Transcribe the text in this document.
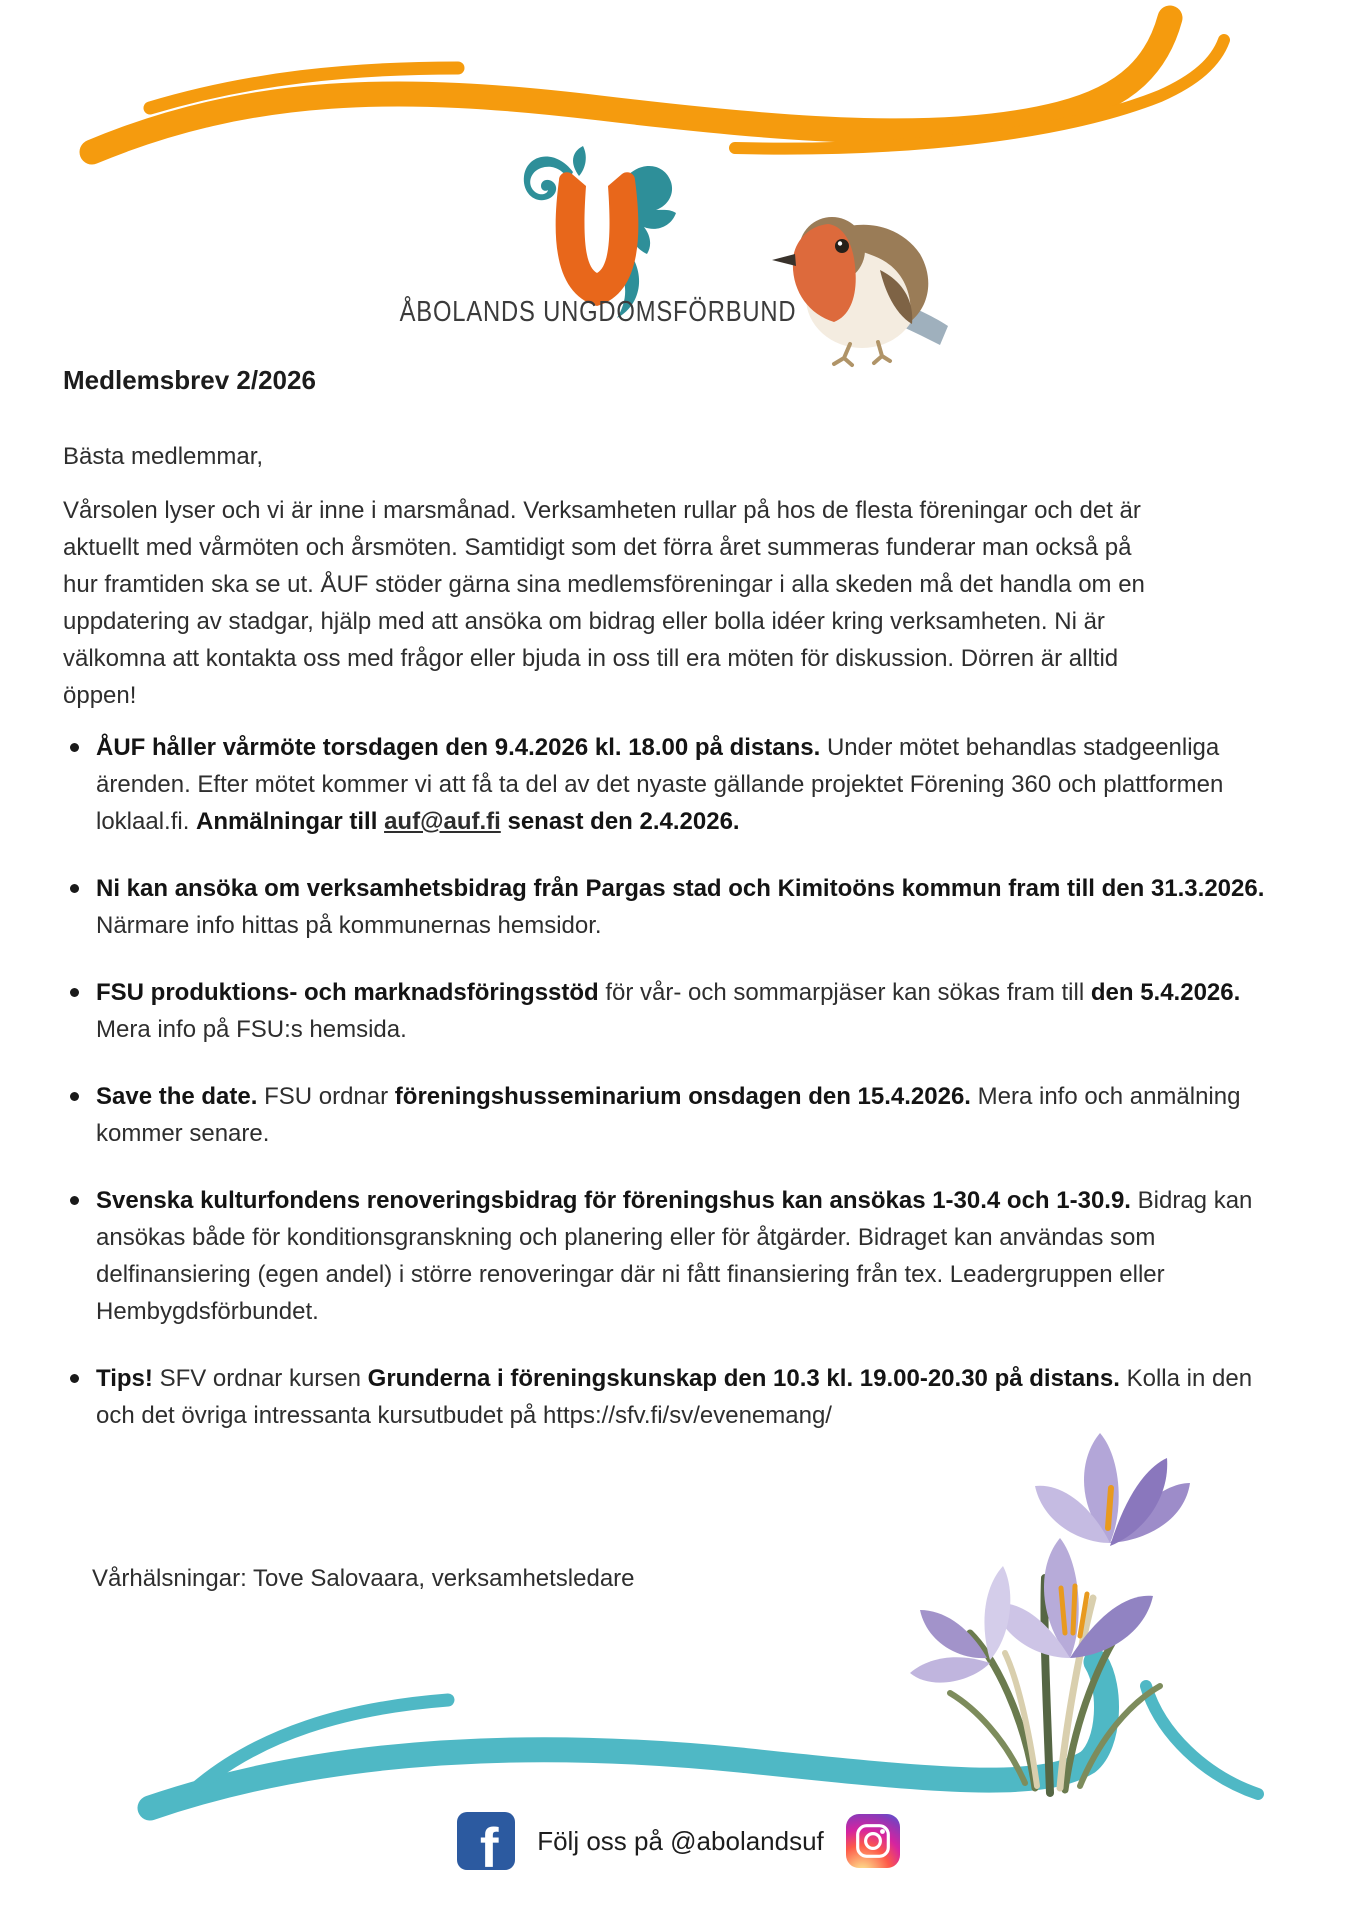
ÅBOLANDS UNGDOMSFÖRBUND
Medlemsbrev 2/2026
Bästa medlemmar,
Vårsolen lyser och vi är inne i marsmånad. Verksamheten rullar på hos de flesta föreningar och det är aktuellt med vårmöten och årsmöten. Samtidigt som det förra året summeras funderar man också på hur framtiden ska se ut. ÅUF stöder gärna sina medlemsföreningar i alla skeden må det handla om en uppdatering av stadgar, hjälp med att ansöka om bidrag eller bolla idéer kring verksamheten. Ni är välkomna att kontakta oss med frågor eller bjuda in oss till era möten för diskussion. Dörren är alltid öppen!
ÅUF håller vårmöte torsdagen den 9.4.2026 kl. 18.00 på distans. Under mötet behandlas stadgeenliga ärenden. Efter mötet kommer vi att få ta del av det nyaste gällande projektet Förening 360 och plattformen loklaal.fi. Anmälningar till auf@auf.fi senast den 2.4.2026.
Ni kan ansöka om verksamhetsbidrag från Pargas stad och Kimitoöns kommun fram till den 31.3.2026. Närmare info hittas på kommunernas hemsidor.
FSU produktions- och marknadsföringsstöd för vår- och sommarpjäser kan sökas fram till den 5.4.2026. Mera info på FSU:s hemsida.
Save the date. FSU ordnar föreningshusseminarium onsdagen den 15.4.2026. Mera info och anmälning kommer senare.
Svenska kulturfondens renoveringsbidrag för föreningshus kan ansökas 1-30.4 och 1-30.9. Bidrag kan ansökas både för konditionsgranskning och planering eller för åtgärder. Bidraget kan användas som delfinansiering (egen andel) i större renoveringar där ni fått finansiering från tex. Leadergruppen eller Hembygdsförbundet.
Tips! SFV ordnar kursen Grunderna i föreningskunskap den 10.3 kl. 19.00-20.30 på distans. Kolla in den och det övriga intressanta kursutbudet på https://sfv.fi/sv/evenemang/
Vårhälsningar: Tove Salovaara, verksamhetsledare
f Följ oss på @abolandsuf
